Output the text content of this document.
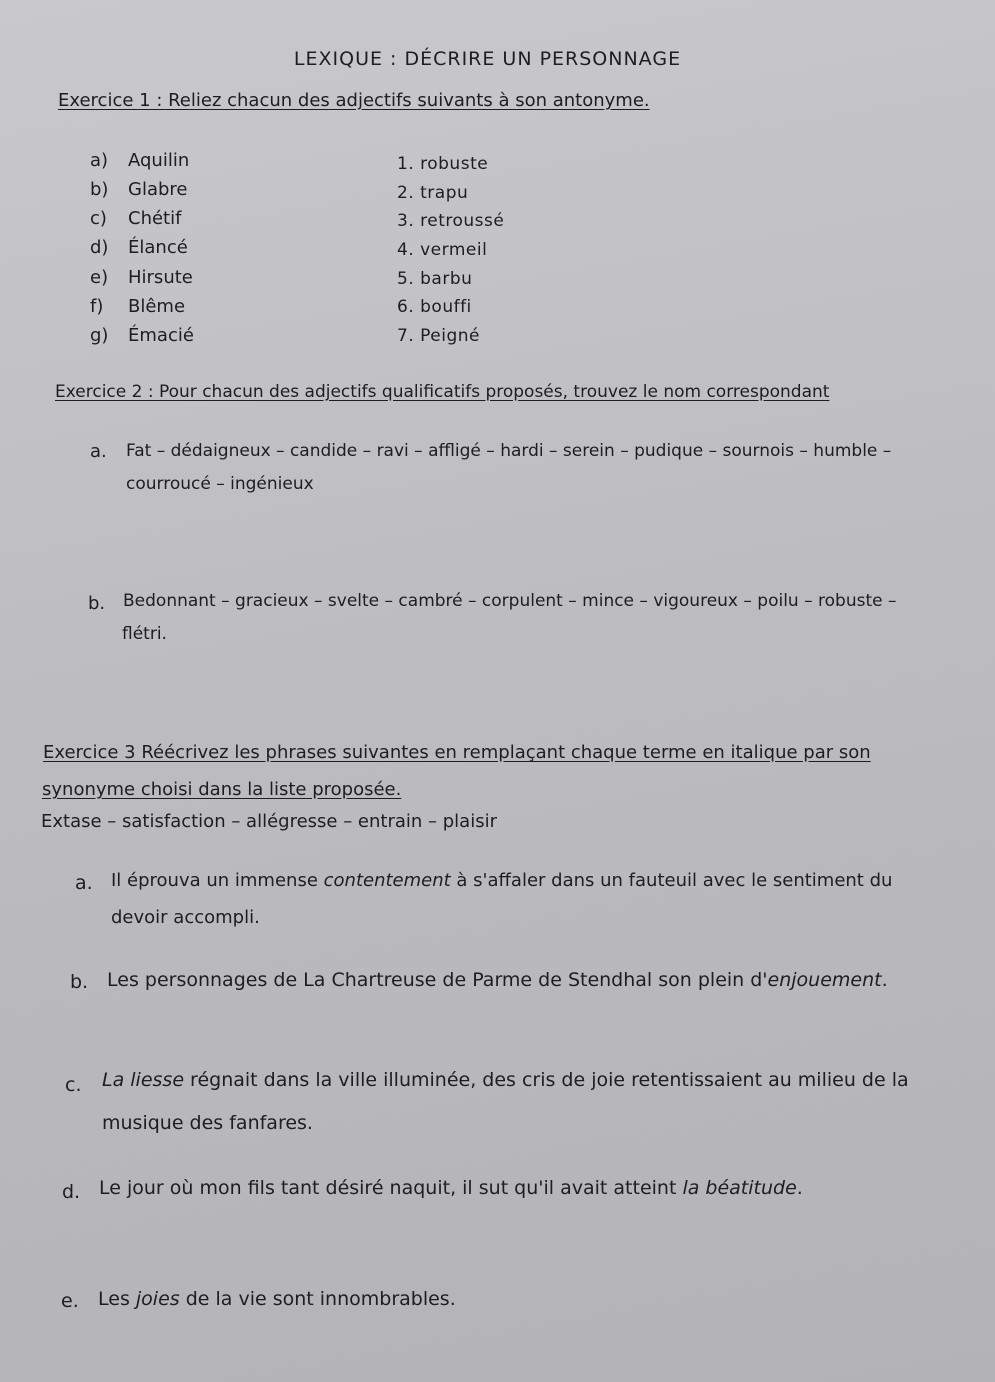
LEXIQUE : DÉCRIRE UN PERSONNAGE
Exercice 1 : Reliez chacun des adjectifs suivants à son antonyme.
a) Aquilin
b) Glabre
c) Chétif
d) Élancé
e) Hirsute
f) Blême
g) Émacié
1. robuste
2. trapu
3. retroussé
4. vermeil
5. barbu
6. bouffi
7. Peigné
Exercice 2 : Pour chacun des adjectifs qualificatifs proposés, trouvez le nom correspondant
a. Fat – dédaigneux – candide – ravi – affligé – hardi – serein – pudique – sournois – humble –
courroucé – ingénieux
b. Bedonnant – gracieux – svelte – cambré – corpulent – mince – vigoureux – poilu – robuste –
flétri.
Exercice 3 Réécrivez les phrases suivantes en remplaçant chaque terme en italique par son
synonyme choisi dans la liste proposée.
Extase – satisfaction – allégresse – entrain – plaisir
a. Il éprouva un immense contentement à s'affaler dans un fauteuil avec le sentiment du
devoir accompli.
b. Les personnages de La Chartreuse de Parme de Stendhal son plein d'enjouement.
c. La liesse régnait dans la ville illuminée, des cris de joie retentissaient au milieu de la
musique des fanfares.
d. Le jour où mon fils tant désiré naquit, il sut qu'il avait atteint la béatitude.
e. Les joies de la vie sont innombrables.
